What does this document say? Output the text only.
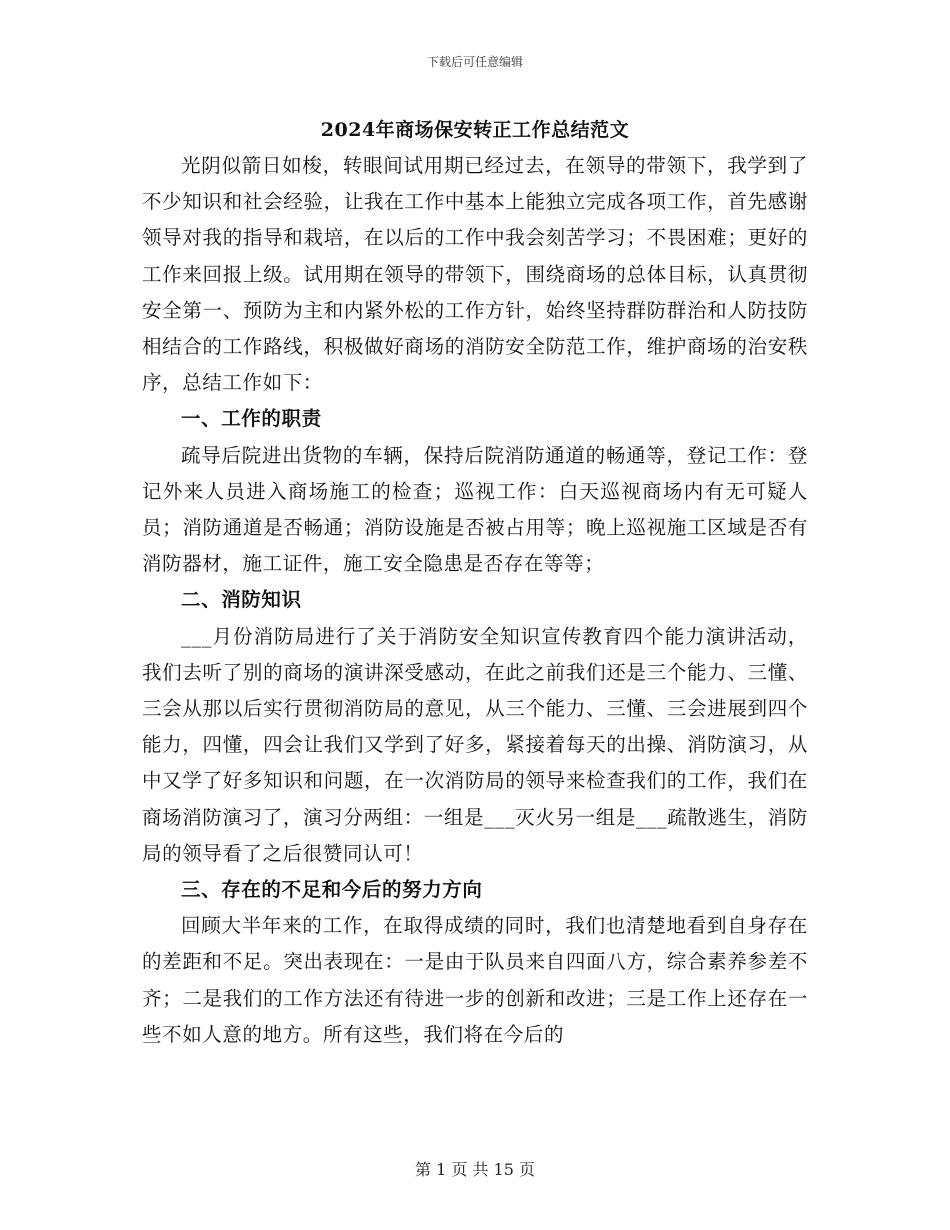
下载后可任意编辑
2024年商场保安转正工作总结范文

光阴似箭日如梭，转眼间试用期已经过去，在领导的带领下，我学到了不少知识和社会经验，让我在工作中基本上能独立完成各项工作，首先感谢领导对我的指导和栽培，在以后的工作中我会刻苦学习；不畏困难；更好的工作来回报上级。试用期在领导的带领下，围绕商场的总体目标，认真贯彻安全第一、预防为主和内紧外松的工作方针，始终坚持群防群治和人防技防相结合的工作路线，积极做好商场的消防安全防范工作，维护商场的治安秩序，总结工作如下：

一、工作的职责

疏导后院进出货物的车辆，保持后院消防通道的畅通等，登记工作：登记外来人员进入商场施工的检查；巡视工作：白天巡视商场内有无可疑人员；消防通道是否畅通；消防设施是否被占用等；晚上巡视施工区域是否有消防器材，施工证件，施工安全隐患是否存在等等；

二、消防知识

___月份消防局进行了关于消防安全知识宣传教育四个能力演讲活动，我们去听了别的商场的演讲深受感动，在此之前我们还是三个能力、三懂、三会从那以后实行贯彻消防局的意见，从三个能力、三懂、三会进展到四个能力，四懂，四会让我们又学到了好多，紧接着每天的出操、消防演习，从中又学了好多知识和问题，在一次消防局的领导来检查我们的工作，我们在商场消防演习了，演习分两组：一组是___灭火另一组是___疏散逃生，消防局的领导看了之后很赞同认可！

三、存在的不足和今后的努力方向

回顾大半年来的工作，在取得成绩的同时，我们也清楚地看到自身存在的差距和不足。突出表现在：一是由于队员来自四面八方，综合素养参差不齐；二是我们的工作方法还有待进一步的创新和改进；三是工作上还存在一些不如人意的地方。所有这些，我们将在今后的

第 1 页 共 15 页
